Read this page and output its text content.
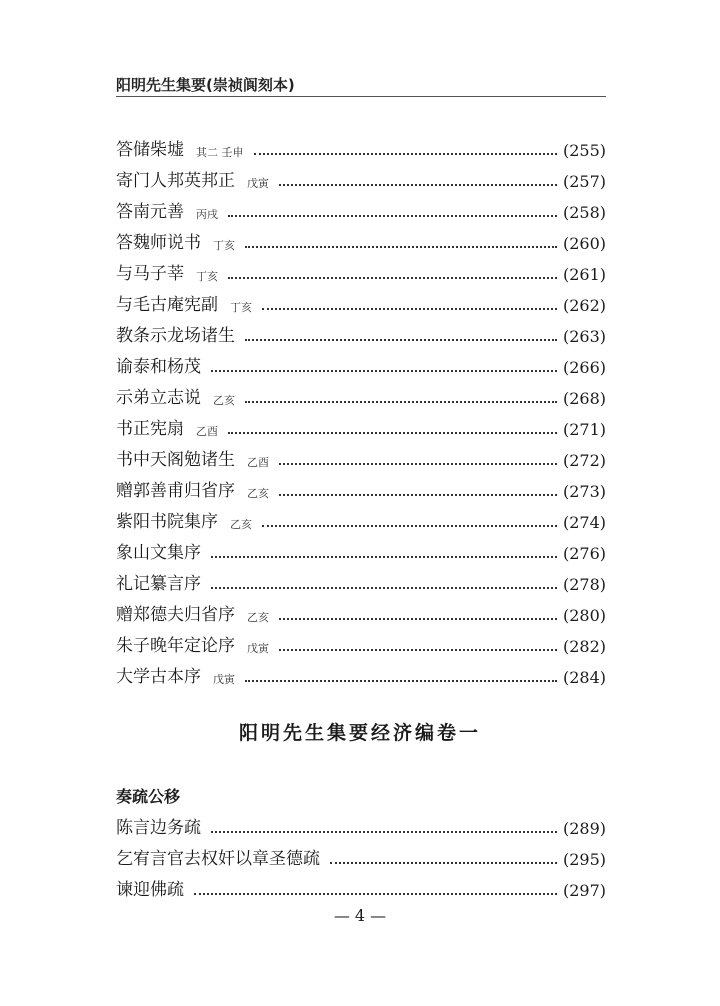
阳明先生集要(崇祯阆刻本)
答储柴墟 其二 壬申	(255)
寄门人邦英邦正 戊寅	(257)
答南元善 丙戌	(258)
答魏师说书 丁亥	(260)
与马子莘 丁亥	(261)
与毛古庵宪副 丁亥	(262)
教条示龙场诸生	(263)
谕泰和杨茂	(266)
示弟立志说 乙亥	(268)
书正宪扇 乙酉	(271)
书中天阁勉诸生 乙酉	(272)
赠郭善甫归省序 乙亥	(273)
紫阳书院集序 乙亥	(274)
象山文集序	(276)
礼记纂言序	(278)
赠郑德夫归省序 乙亥	(280)
朱子晚年定论序 戊寅	(282)
大学古本序 戊寅	(284)
阳明先生集要经济编卷一
奏疏公移
陈言边务疏	(289)
乞宥言官去权奸以章圣德疏	(295)
谏迎佛疏	(297)
— 4 —
